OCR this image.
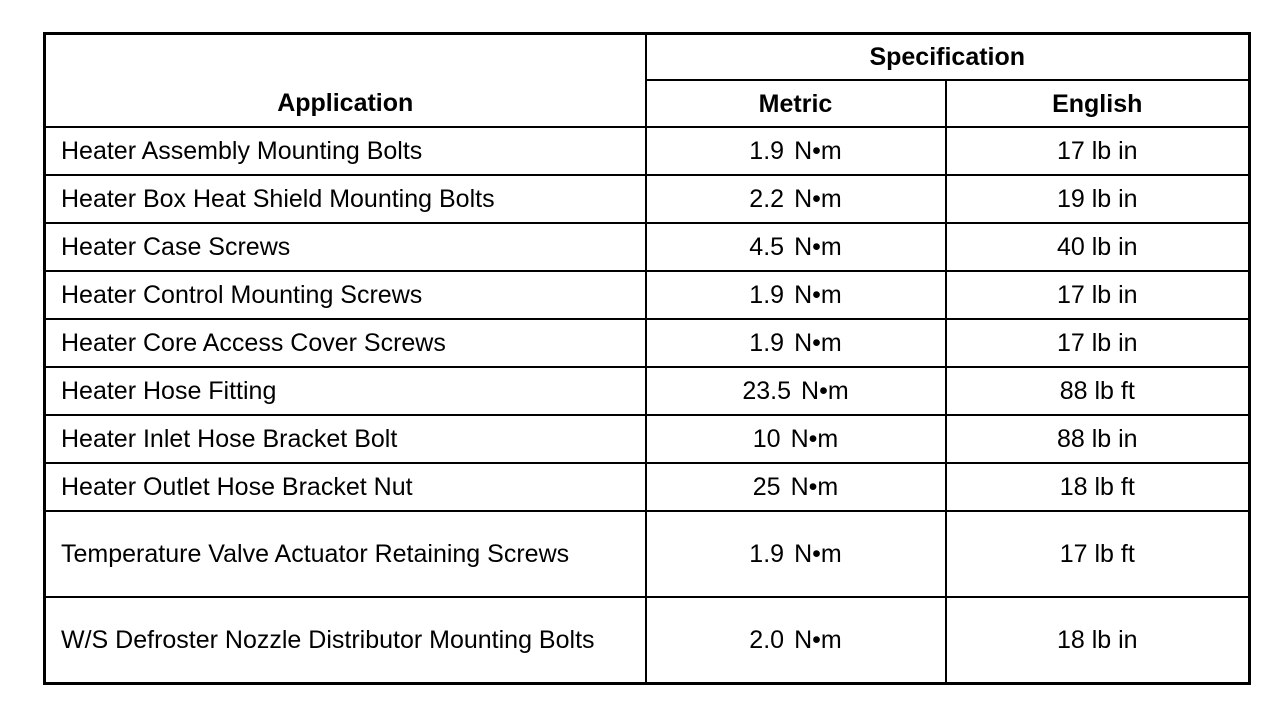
Application	Specification	
	Metric	English
Heater Assembly Mounting Bolts	1.9 N•m	17 lb in
Heater Box Heat Shield Mounting Bolts	2.2 N•m	19 lb in
Heater Case Screws	4.5 N•m	40 lb in
Heater Control Mounting Screws	1.9 N•m	17 lb in
Heater Core Access Cover Screws	1.9 N•m	17 lb in
Heater Hose Fitting	23.5 N•m	88 lb ft
Heater Inlet Hose Bracket Bolt	10 N•m	88 lb in
Heater Outlet Hose Bracket Nut	25 N•m	18 lb ft
Temperature Valve Actuator Retaining Screws	1.9 N•m	17 lb ft
W/S Defroster Nozzle Distributor Mounting Bolts	2.0 N•m	18 lb in
